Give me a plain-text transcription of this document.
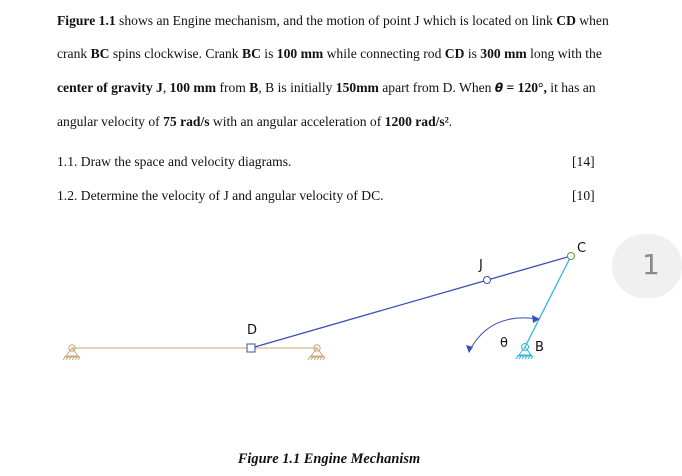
Figure 1.1 shows an Engine mechanism, and the motion of point J which is located on link CD when crank BC spins clockwise. Crank BC is 100 mm while connecting rod CD is 300 mm long with the center of gravity J, 100 mm from B, B is initially 150mm apart from D. When θ = 120°, it has an angular velocity of 75 rad/s with an angular acceleration of 1200 rad/s².

1.1. Draw the space and velocity diagrams.	[14]

1.2. Determine the velocity of J and angular velocity of DC.	[10]
1
D
J
C
B
θ
Figure 1.1 Engine Mechanism
